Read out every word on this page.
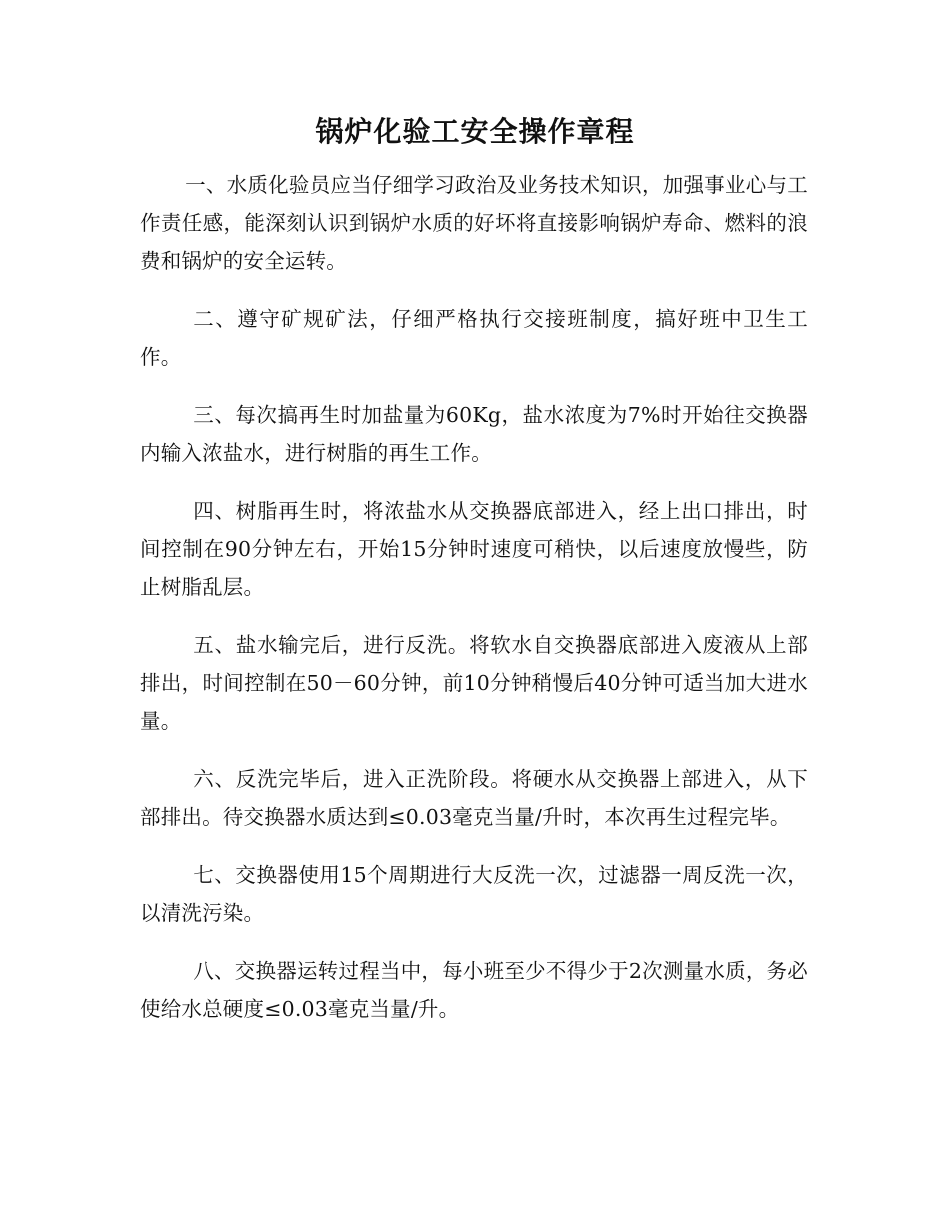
锅炉化验工安全操作章程

一、水质化验员应当仔细学习政治及业务技术知识，加强事业心与工作责任感，能深刻认识到锅炉水质的好坏将直接影响锅炉寿命、燃料的浪费和锅炉的安全运转。

二、遵守矿规矿法，仔细严格执行交接班制度，搞好班中卫生工作。

三、每次搞再生时加盐量为60Kg，盐水浓度为7%时开始往交换器内输入浓盐水，进行树脂的再生工作。

四、树脂再生时，将浓盐水从交换器底部进入，经上出口排出，时间控制在90分钟左右，开始15分钟时速度可稍快，以后速度放慢些，防止树脂乱层。

五、盐水输完后，进行反洗。将软水自交换器底部进入废液从上部排出，时间控制在50－60分钟，前10分钟稍慢后40分钟可适当加大进水量。

六、反洗完毕后，进入正洗阶段。将硬水从交换器上部进入，从下部排出。待交换器水质达到≤0.03毫克当量/升时，本次再生过程完毕。

七、交换器使用15个周期进行大反洗一次，过滤器一周反洗一次，以清洗污染。

八、交换器运转过程当中，每小班至少不得少于2次测量水质，务必使给水总硬度≤0.03毫克当量/升。
